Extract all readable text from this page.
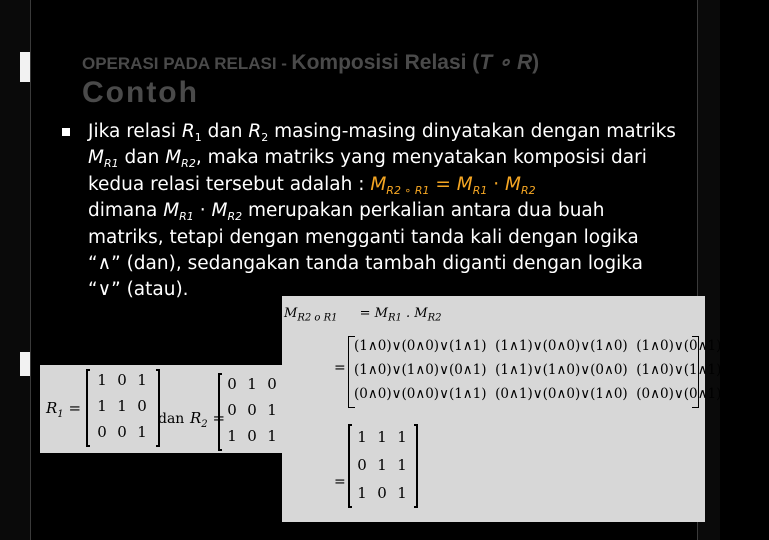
OPERASI PADA RELASI - Komposisi Relasi (T ∘ R)
Contoh

Jika relasi $R_1$ dan $R_2$ masing-masing dinyatakan dengan matriks

$M_{R1}$ dan $M_{R2}$, maka matriks yang menyatakan komposisi dari

kedua relasi tersebut adalah : $M_{R2 \circ R1} = M_{R1} \cdot M_{R2}$

dimana $M_{R1} \cdot M_{R2}$ merupakan perkalian antara dua buah

matriks, tetapi dengan mengganti tanda kali dengan logika

“∧” (dan), sedangakan tanda tambah diganti dengan logika

“∨” (atau).

$R_1$ =
1 0 1
1 1 0
0 0 1
dan $R_2$ =
0 1 0
0 0 1
1 0 1
$M_{R2 o R1} = M_{R1}$ . $M_{R2}$
=
(1∧0)∨(0∧0)∨(1∧1) (1∧1)∨(0∧0)∨(1∧0) (1∧0)∨(0∧1)∨(1∧1)
(1∧0)∨(1∧0)∨(0∧1) (1∧1)∨(1∧0)∨(0∧0) (1∧0)∨(1∧1)∨(0∧1)
(0∧0)∨(0∧0)∨(1∧1) (0∧1)∨(0∧0)∨(1∧0) (0∧0)∨(0∧1)∨(1∧1)
=
1 1 1
0 1 1
1 0 1
